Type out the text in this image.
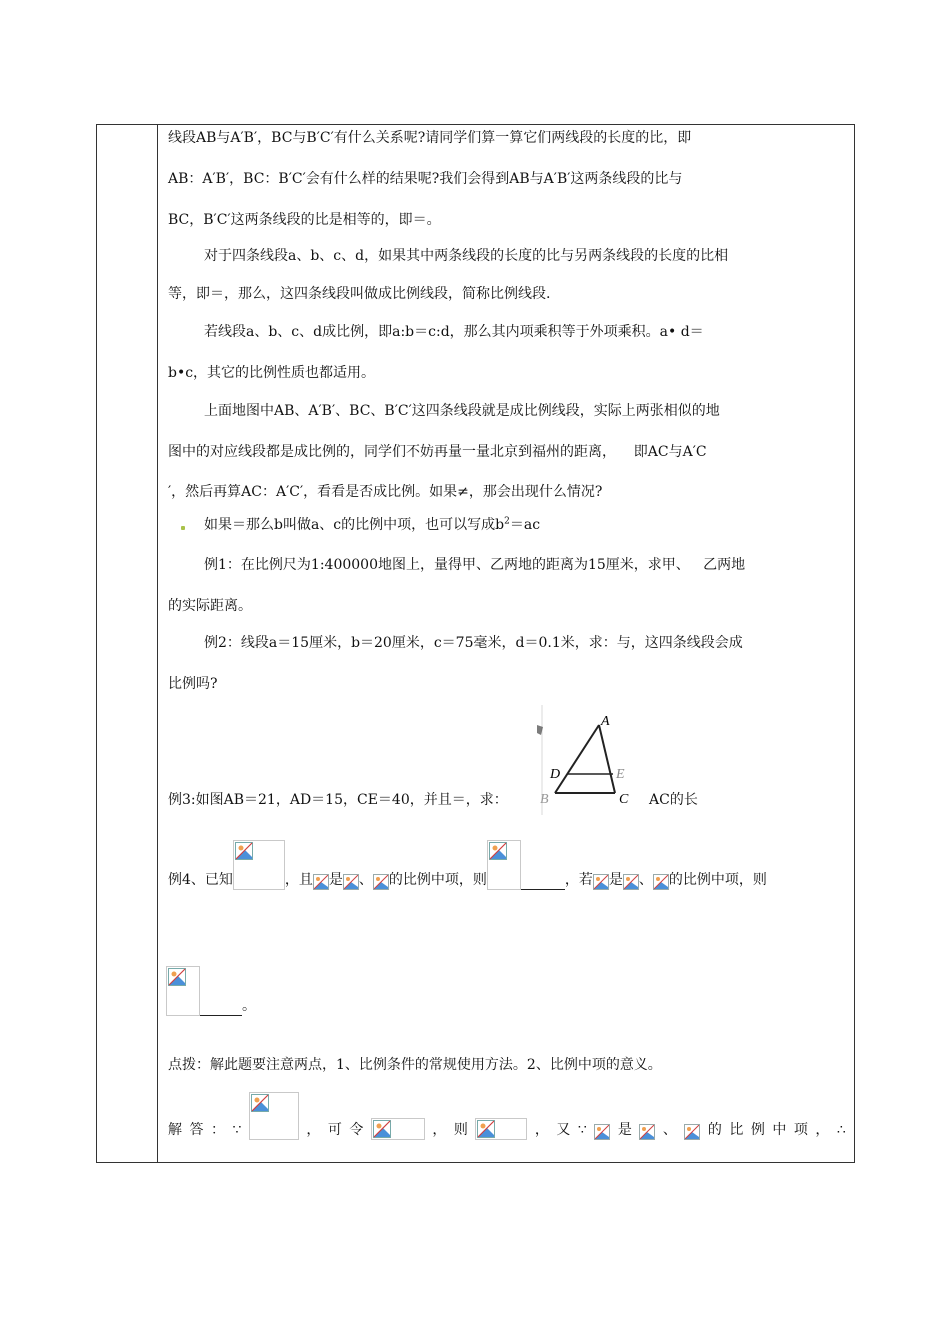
线段AB与A′B′，BC与B′C′有什么关系呢?请同学们算一算它们两线段的长度的比，即
AB：A′B′，BC：B′C′会有什么样的结果呢?我们会得到AB与A′B′这两条线段的比与
BC，B′C′这两条线段的比是相等的，即＝。
对于四条线段a、b、c、d，如果其中两条线段的长度的比与另两条线段的长度的比相
等，即＝，那么，这四条线段叫做成比例线段，简称比例线段.
若线段a、b、c、d成比例，即a:b＝c:d，那么其内项乘积等于外项乘积。a• d＝
b•c，其它的比例性质也都适用。
上面地图中AB、A′B′、BC、B′C′这四条线段就是成比例线段，实际上两张相似的地
图中的对应线段都是成比例的，同学们不妨再量一量北京到福州的距离，    即AC与A′C
′，然后再算AC：A′C′，看看是否成比例。如果≠，那会出现什么情况?
如果＝那么b叫做a、c的比例中项，也可以写成$b^2=ac$
例1：在比例尺为1:400000地图上，量得甲、乙两地的距离为15厘米，求甲、   乙两地
的实际距离。
例2：线段a＝15厘米，b＝20厘米，c＝75毫米，d＝0.1米，求：与，这四条线段会成
比例吗?
例3:如图AB＝21，AD＝15，CE＝40，并且＝，求：
A
D	E
B	C AC的长
例4、已知

	，且 是 、 的比例中项，则

	，若 是 、 的比例中项，则

。
点拨：解此题要注意两点，1、比例条件的常规使用方法。2、比例中项的意义。
解 答 ： ∵	， 可 令	， 则	， 又 ∵ 是 、 的 比 例 中 项 ， ∴
